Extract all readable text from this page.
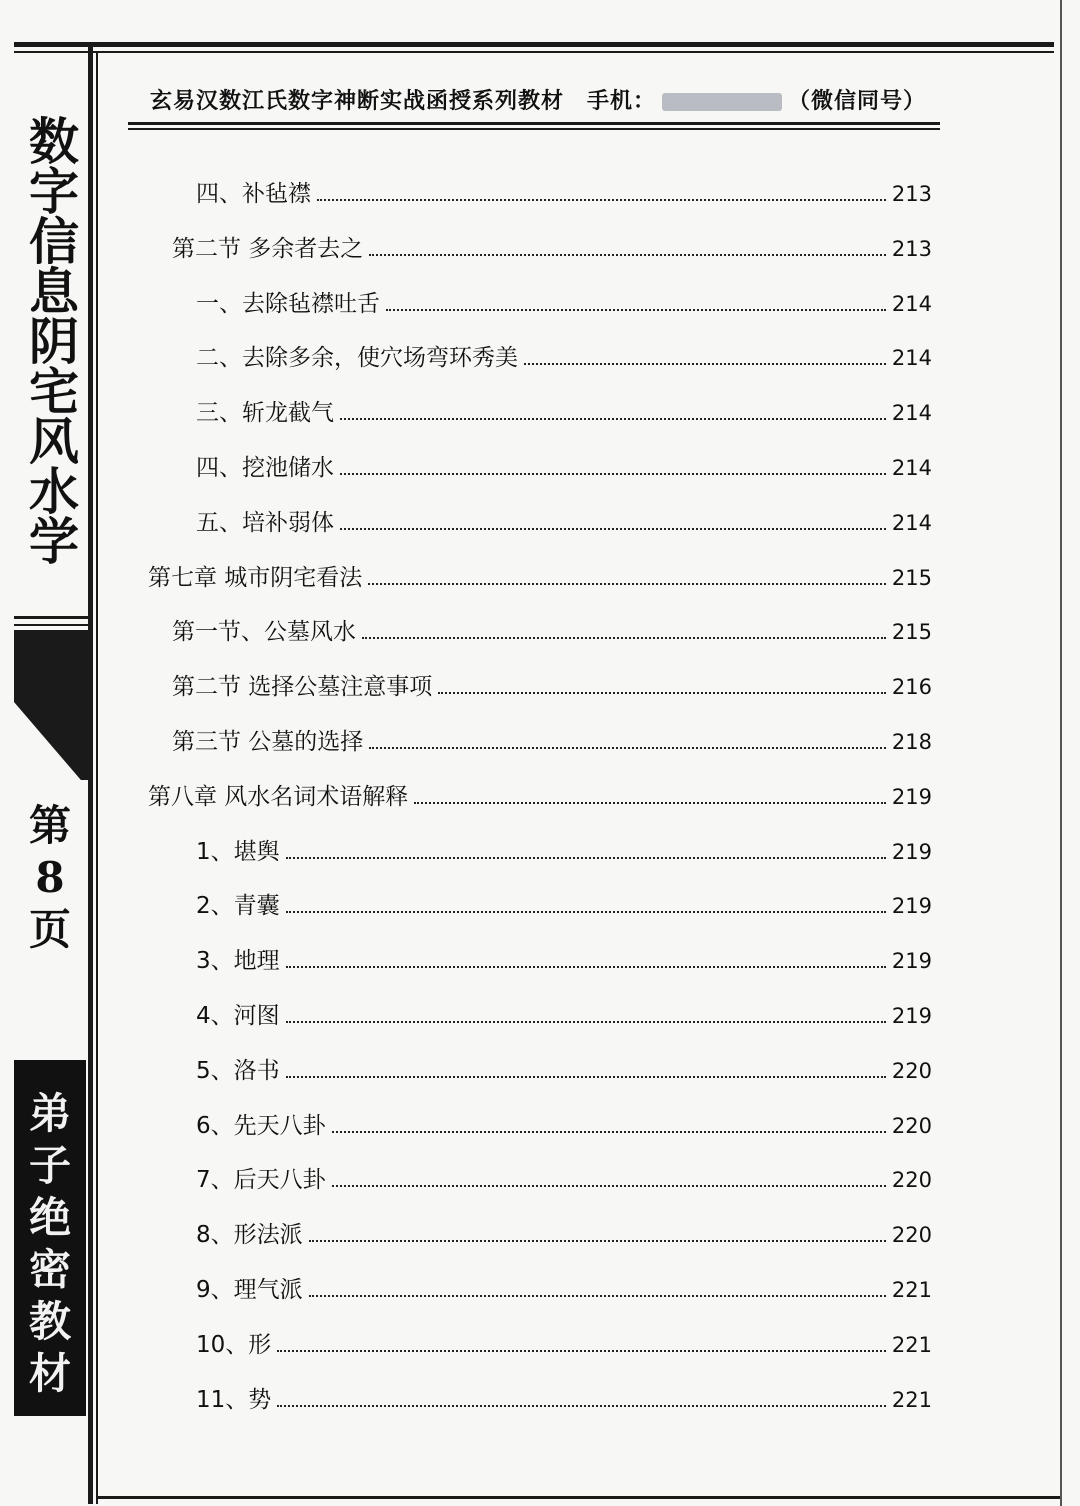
数字信息阴宅风水学
第
8
页
弟
子
绝
密
教
材
玄易汉数江氏数字神断实战函授系列教材　手机：	（微信同号）
四、补毡襟	213
第二节 多余者去之	213
一、去除毡襟吐舌	214
二、去除多余，使穴场弯环秀美	214
三、斩龙截气	214
四、挖池储水	214
五、培补弱体	214
第七章 城市阴宅看法	215
第一节、公墓风水	215
第二节 选择公墓注意事项	216
第三节 公墓的选择	218
第八章 风水名词术语解释	219
1、堪舆	219
2、青囊	219
3、地理	219
4、河图	219
5、洛书	220
6、先天八卦	220
7、后天八卦	220
8、形法派	220
9、理气派	221
10、形	221
11、势	221
